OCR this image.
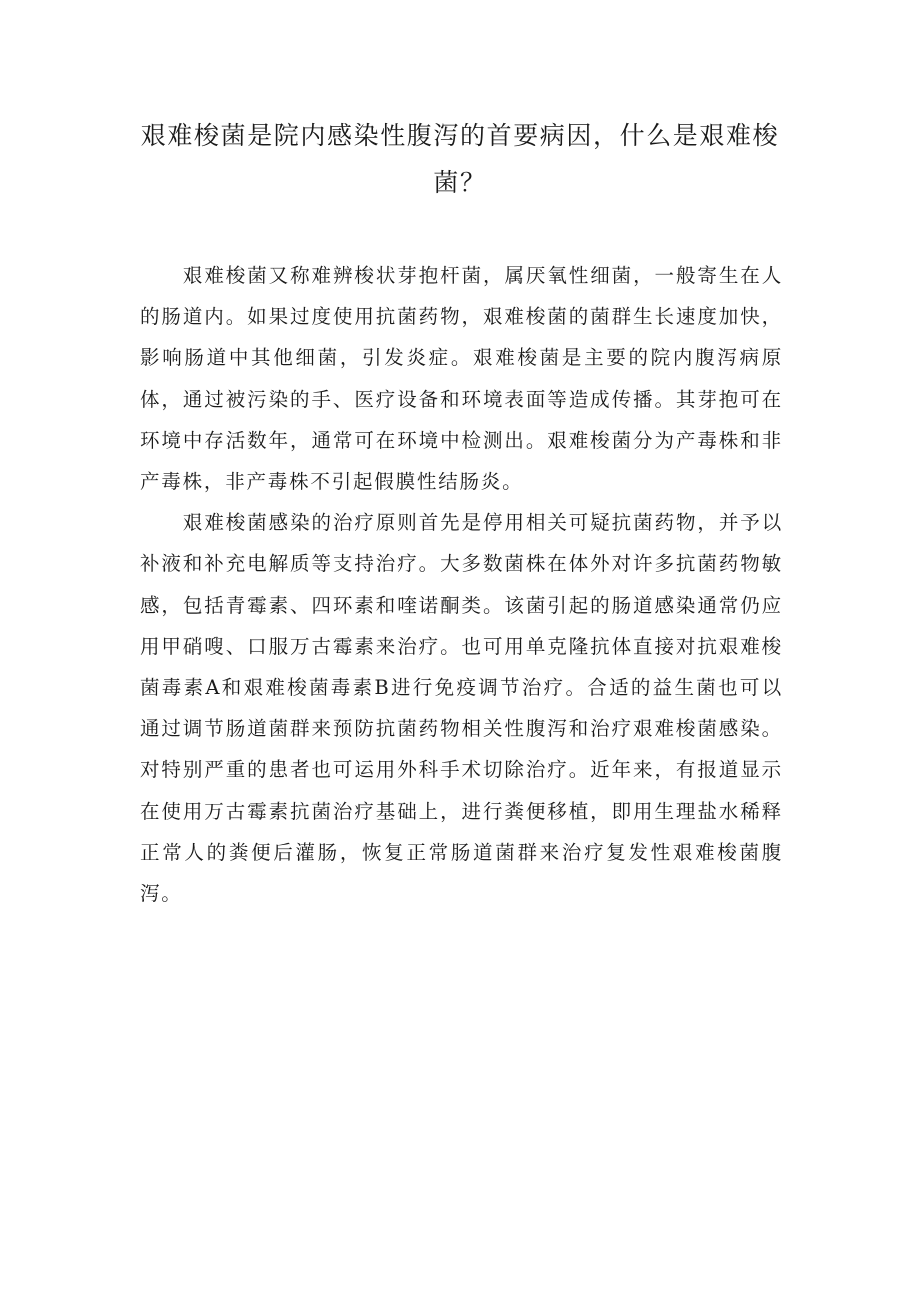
艰难梭菌是院内感染性腹泻的首要病因，什么是艰难梭菌？

艰难梭菌又称难辨梭状芽抱杆菌，属厌氧性细菌，一般寄生在人的肠道内。如果过度使用抗菌药物，艰难梭菌的菌群生长速度加快，影响肠道中其他细菌，引发炎症。艰难梭菌是主要的院内腹泻病原体，通过被污染的手、医疗设备和环境表面等造成传播。其芽抱可在环境中存活数年，通常可在环境中检测出。艰难梭菌分为产毒株和非产毒株，非产毒株不引起假膜性结肠炎。

艰难梭菌感染的治疗原则首先是停用相关可疑抗菌药物，并予以补液和补充电解质等支持治疗。大多数菌株在体外对许多抗菌药物敏感，包括青霉素、四环素和喹诺酮类。该菌引起的肠道感染通常仍应用甲硝嗖、口服万古霉素来治疗。也可用单克隆抗体直接对抗艰难梭菌毒素A和艰难梭菌毒素B进行免疫调节治疗。合适的益生菌也可以通过调节肠道菌群来预防抗菌药物相关性腹泻和治疗艰难梭菌感染。对特别严重的患者也可运用外科手术切除治疗。近年来，有报道显示在使用万古霉素抗菌治疗基础上，进行粪便移植，即用生理盐水稀释正常人的粪便后灌肠，恢复正常肠道菌群来治疗复发性艰难梭菌腹泻。
